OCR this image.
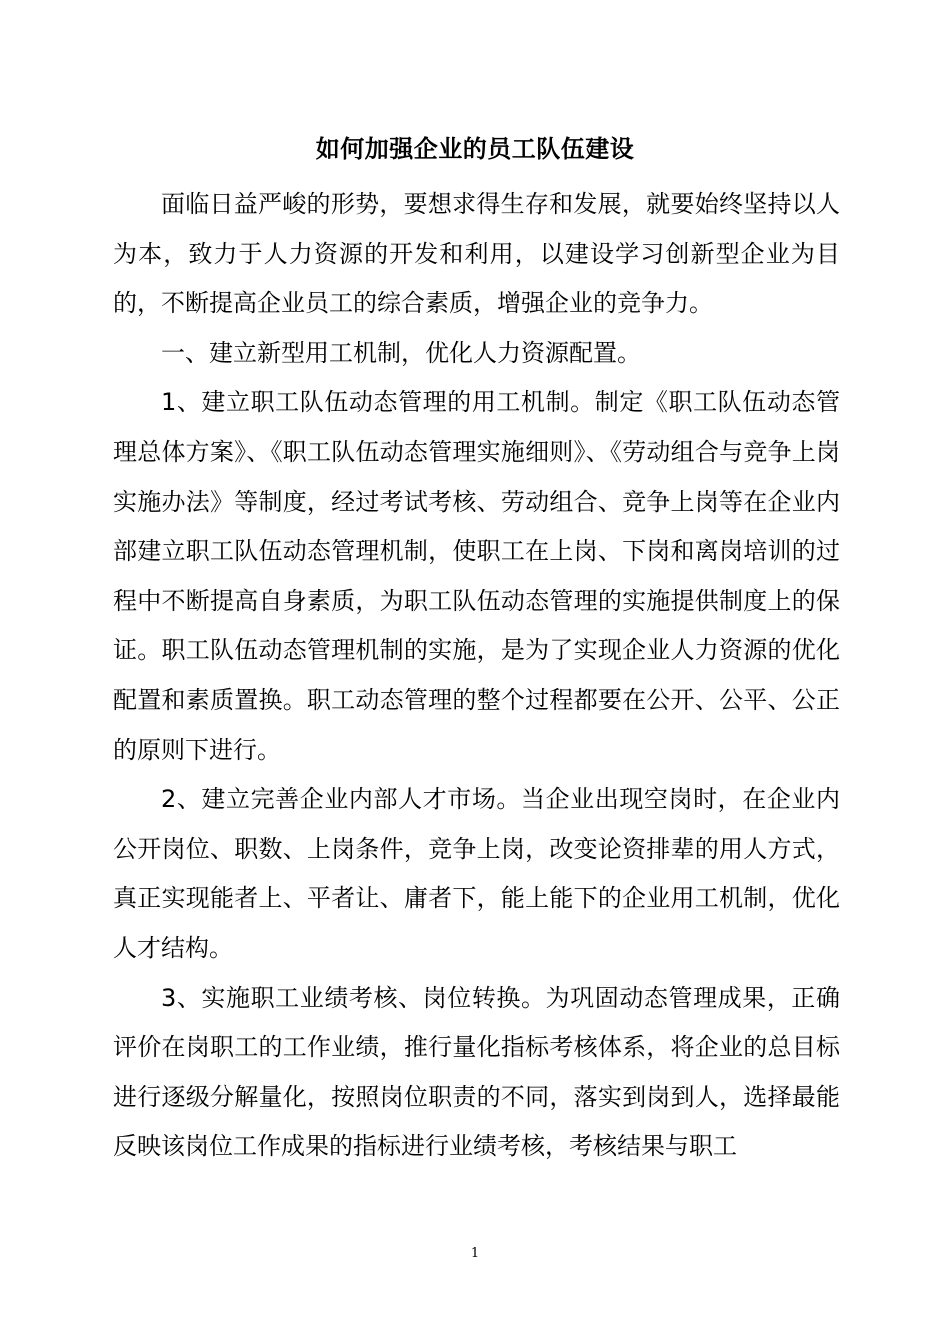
如何加强企业的员工队伍建设

面临日益严峻的形势，要想求得生存和发展，就要始终坚持以人为本，致力于人力资源的开发和利用，以建设学习创新型企业为目的，不断提高企业员工的综合素质，增强企业的竞争力。

一、建立新型用工机制，优化人力资源配置。

1、建立职工队伍动态管理的用工机制。制定《职工队伍动态管理总体方案》、《职工队伍动态管理实施细则》、《劳动组合与竞争上岗实施办法》等制度，经过考试考核、劳动组合、竞争上岗等在企业内部建立职工队伍动态管理机制，使职工在上岗、下岗和离岗培训的过程中不断提高自身素质，为职工队伍动态管理的实施提供制度上的保证。职工队伍动态管理机制的实施，是为了实现企业人力资源的优化配置和素质置换。职工动态管理的整个过程都要在公开、公平、公正的原则下进行。

2、建立完善企业内部人才市场。当企业出现空岗时，在企业内公开岗位、职数、上岗条件，竞争上岗，改变论资排辈的用人方式，真正实现能者上、平者让、庸者下，能上能下的企业用工机制，优化人才结构。

3、实施职工业绩考核、岗位转换。为巩固动态管理成果，正确评价在岗职工的工作业绩，推行量化指标考核体系，将企业的总目标进行逐级分解量化，按照岗位职责的不同，落实到岗到人，选择最能反映该岗位工作成果的指标进行业绩考核，考核结果与职工

1
